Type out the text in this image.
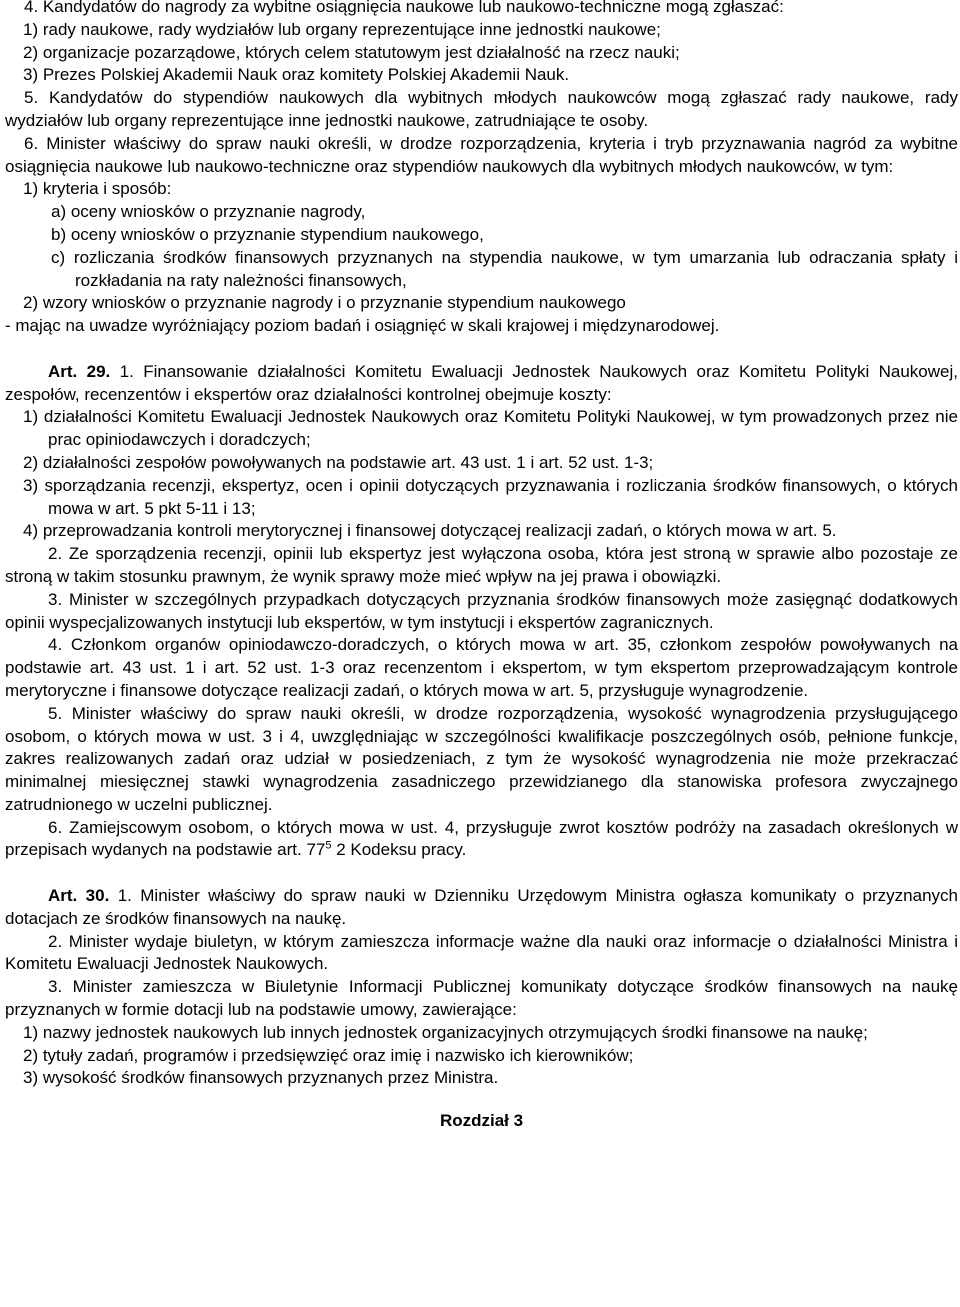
4. Kandydatów do nagrody za wybitne osiągnięcia naukowe lub naukowo-techniczne mogą zgłaszać:

1) rady naukowe, rady wydziałów lub organy reprezentujące inne jednostki naukowe;

2) organizacje pozarządowe, których celem statutowym jest działalność na rzecz nauki;

3) Prezes Polskiej Akademii Nauk oraz komitety Polskiej Akademii Nauk.

5. Kandydatów do stypendiów naukowych dla wybitnych młodych naukowców mogą zgłaszać rady naukowe, rady wydziałów lub organy reprezentujące inne jednostki naukowe, zatrudniające te osoby.

6. Minister właściwy do spraw nauki określi, w drodze rozporządzenia, kryteria i tryb przyznawania nagród za wybitne osiągnięcia naukowe lub naukowo-techniczne oraz stypendiów naukowych dla wybitnych młodych naukowców, w tym:

1) kryteria i sposób:

a) oceny wniosków o przyznanie nagrody,

b) oceny wniosków o przyznanie stypendium naukowego,

c) rozliczania środków finansowych przyznanych na stypendia naukowe, w tym umarzania lub odraczania spłaty i rozkładania na raty należności finansowych,

2) wzory wniosków o przyznanie nagrody i o przyznanie stypendium naukowego

- mając na uwadze wyróżniający poziom badań i osiągnięć w skali krajowej i międzynarodowej.

Art. 29. 1. Finansowanie działalności Komitetu Ewaluacji Jednostek Naukowych oraz Komitetu Polityki Naukowej, zespołów, recenzentów i ekspertów oraz działalności kontrolnej obejmuje koszty:

1) działalności Komitetu Ewaluacji Jednostek Naukowych oraz Komitetu Polityki Naukowej, w tym prowadzonych przez nie prac opiniodawczych i doradczych;

2) działalności zespołów powoływanych na podstawie art. 43 ust. 1 i art. 52 ust. 1-3;

3) sporządzania recenzji, ekspertyz, ocen i opinii dotyczących przyznawania i rozliczania środków finansowych, o których mowa w art. 5 pkt 5-11 i 13;

4) przeprowadzania kontroli merytorycznej i finansowej dotyczącej realizacji zadań, o których mowa w art. 5.

2. Ze sporządzenia recenzji, opinii lub ekspertyz jest wyłączona osoba, która jest stroną w sprawie albo pozostaje ze stroną w takim stosunku prawnym, że wynik sprawy może mieć wpływ na jej prawa i obowiązki.

3. Minister w szczególnych przypadkach dotyczących przyznania środków finansowych może zasięgnąć dodatkowych opinii wyspecjalizowanych instytucji lub ekspertów, w tym instytucji i ekspertów zagranicznych.

4. Członkom organów opiniodawczo-doradczych, o których mowa w art. 35, członkom zespołów powoływanych na podstawie art. 43 ust. 1 i art. 52 ust. 1-3 oraz recenzentom i ekspertom, w tym ekspertom przeprowadzającym kontrole merytoryczne i finansowe dotyczące realizacji zadań, o których mowa w art. 5, przysługuje wynagrodzenie.

5. Minister właściwy do spraw nauki określi, w drodze rozporządzenia, wysokość wynagrodzenia przysługującego osobom, o których mowa w ust. 3 i 4, uwzględniając w szczególności kwalifikacje poszczególnych osób, pełnione funkcje, zakres realizowanych zadań oraz udział w posiedzeniach, z tym że wysokość wynagrodzenia nie może przekraczać minimalnej miesięcznej stawki wynagrodzenia zasadniczego przewidzianego dla stanowiska profesora zwyczajnego zatrudnionego w uczelni publicznej.

6. Zamiejscowym osobom, o których mowa w ust. 4, przysługuje zwrot kosztów podróży na zasadach określonych w przepisach wydanych na podstawie art. $77^5$ 2 Kodeksu pracy.

Art. 30. 1. Minister właściwy do spraw nauki w Dzienniku Urzędowym Ministra ogłasza komunikaty o przyznanych dotacjach ze środków finansowych na naukę.

2. Minister wydaje biuletyn, w którym zamieszcza informacje ważne dla nauki oraz informacje o działalności Ministra i Komitetu Ewaluacji Jednostek Naukowych.

3. Minister zamieszcza w Biuletynie Informacji Publicznej komunikaty dotyczące środków finansowych na naukę przyznanych w formie dotacji lub na podstawie umowy, zawierające:

1) nazwy jednostek naukowych lub innych jednostek organizacyjnych otrzymujących środki finansowe na naukę;

2) tytuły zadań, programów i przedsięwzięć oraz imię i nazwisko ich kierowników;

3) wysokość środków finansowych przyznanych przez Ministra.

Rozdział 3
